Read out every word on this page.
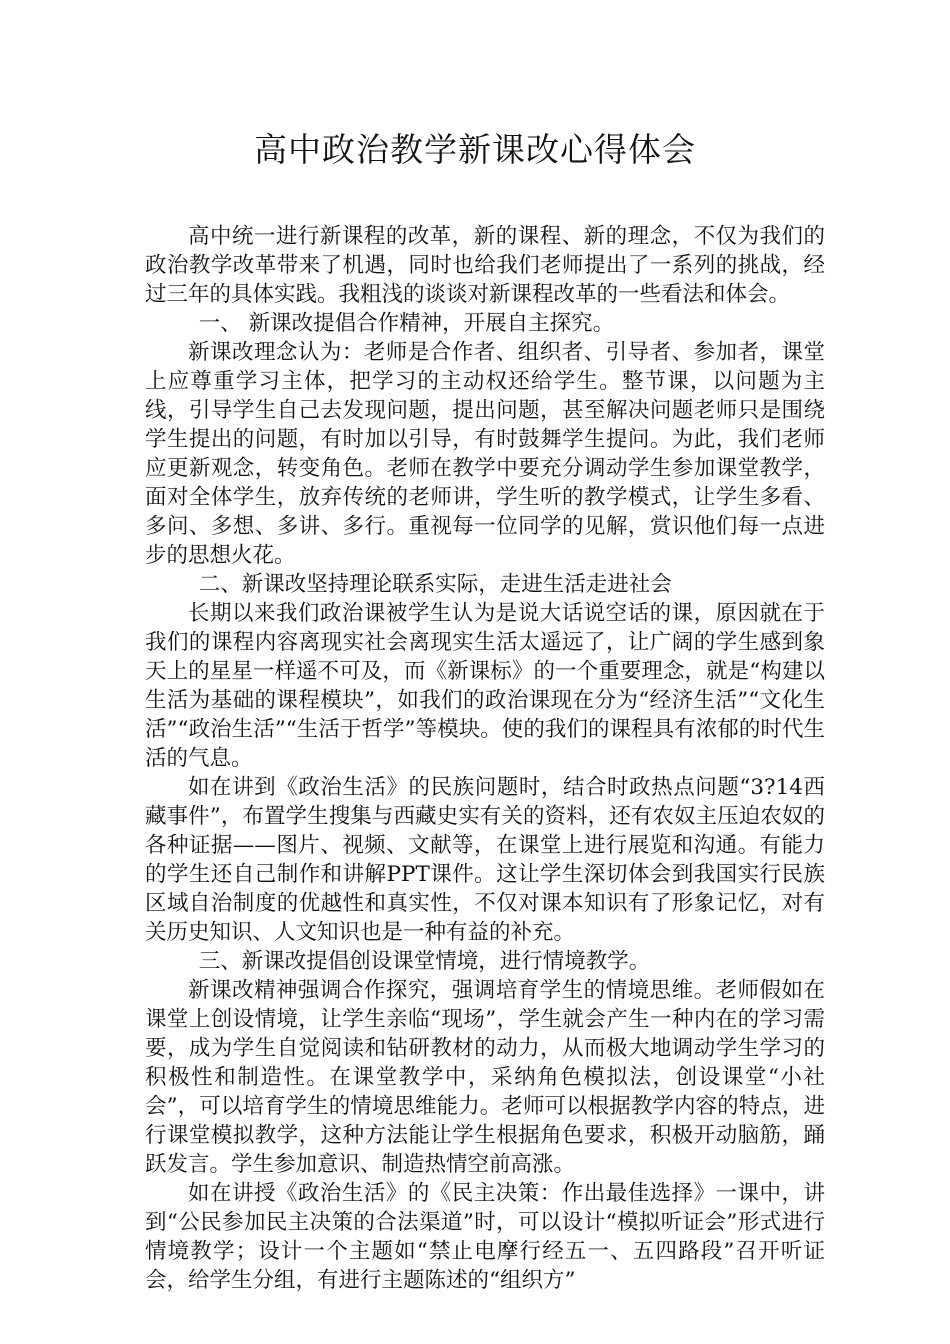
高中政治教学新课改心得体会

高中统一进行新课程的改革，新的课程、新的理念，不仅为我们的政治教学改革带来了机遇，同时也给我们老师提出了一系列的挑战，经过三年的具体实践。我粗浅的谈谈对新课程改革的一些看法和体会。

一、 新课改提倡合作精神，开展自主探究。

新课改理念认为：老师是合作者、组织者、引导者、参加者，课堂上应尊重学习主体，把学习的主动权还给学生。整节课，以问题为主线，引导学生自己去发现问题，提出问题，甚至解决问题老师只是围绕学生提出的问题，有时加以引导，有时鼓舞学生提问。为此，我们老师应更新观念，转变角色。老师在教学中要充分调动学生参加课堂教学，面对全体学生，放弃传统的老师讲，学生听的教学模式，让学生多看、多问、多想、多讲、多行。重视每一位同学的见解，赏识他们每一点进步的思想火花。

二、新课改坚持理论联系实际，走进生活走进社会

长期以来我们政治课被学生认为是说大话说空话的课，原因就在于我们的课程内容离现实社会离现实生活太遥远了，让广阔的学生感到象天上的星星一样遥不可及，而《新课标》的一个重要理念，就是“构建以生活为基础的课程模块”，如我们的政治课现在分为“经济生活”“文化生活”“政治生活”“生活于哲学”等模块。使的我们的课程具有浓郁的时代生活的气息。

如在讲到《政治生活》的民族问题时，结合时政热点问题“3?14西藏事件”，布置学生搜集与西藏史实有关的资料，还有农奴主压迫农奴的各种证据——图片、视频、文献等，在课堂上进行展览和沟通。有能力的学生还自己制作和讲解PPT课件。这让学生深切体会到我国实行民族区域自治制度的优越性和真实性，不仅对课本知识有了形象记忆，对有关历史知识、人文知识也是一种有益的补充。

三、新课改提倡创设课堂情境，进行情境教学。

新课改精神强调合作探究，强调培育学生的情境思维。老师假如在课堂上创设情境，让学生亲临“现场”，学生就会产生一种内在的学习需要，成为学生自觉阅读和钻研教材的动力，从而极大地调动学生学习的积极性和制造性。在课堂教学中，采纳角色模拟法，创设课堂“小社会”，可以培育学生的情境思维能力。老师可以根据教学内容的特点，进行课堂模拟教学，这种方法能让学生根据角色要求，积极开动脑筋，踊跃发言。学生参加意识、制造热情空前高涨。

如在讲授《政治生活》的《民主决策：作出最佳选择》一课中，讲到“公民参加民主决策的合法渠道”时，可以设计“模拟听证会”形式进行情境教学；设计一个主题如“禁止电摩行经五一、五四路段”召开听证会，给学生分组，有进行主题陈述的“组织方”
